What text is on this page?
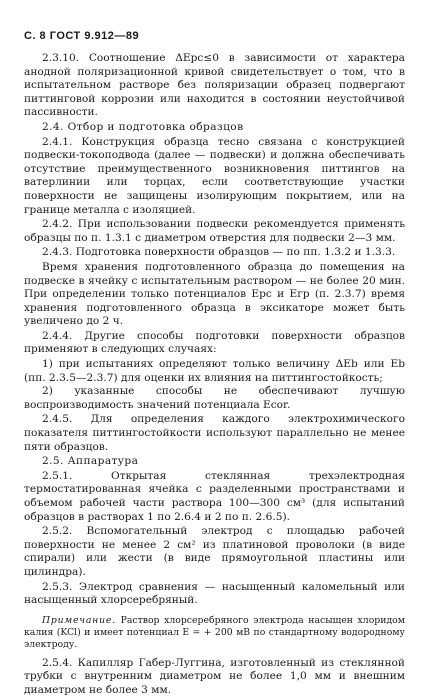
С. 8 ГОСТ 9.912—89

2.3.10. Соотношение ΔEpc≤0 в зависимости от характера анодной поляризационной кривой свидетельствует о том, что в испытательном растворе без поляризации образец подвергают питтинговой коррозии или находится в состоянии неустойчивой пассивности.

2.4. Отбор и подготовка образцов

2.4.1. Конструкция образца тесно связана с конструкцией подвески-токоподвода (далее — подвески) и должна обеспечивать отсутствие преимущественного возникновения питтингов на ватерлинии или торцах, если соответствующие участки поверхности не защищены изолирующим покрытием, или на границе металла с изоляцией.

2.4.2. При использовании подвески рекомендуется применять образцы по п. 1.3.1 с диаметром отверстия для подвески 2—3 мм.

2.4.3. Подготовка поверхности образцов — по пп. 1.3.2 и 1.3.3.

Время хранения подготовленного образца до помещения на подвеске в ячейку с испытательным раствором — не более 20 мин. При определении только потенциалов Epc и Eгр (п. 2.3.7) время хранения подготовленного образца в эксикаторе может быть увеличено до 2 ч.

2.4.4. Другие способы подготовки поверхности образцов применяют в следующих случаях:

1) при испытаниях определяют только величину ΔEb или Eb (пп. 2.3.5—2.3.7) для оценки их влияния на питтингостойкость;

2) указанные способы не обеспечивают лучшую воспроизводимость значений потенциала Eсor.

2.4.5. Для определения каждого электрохимического показателя питтингостойкости используют параллельно не менее пяти образцов.

2.5. Аппаратура

2.5.1. Открытая стеклянная трехэлектродная термостатированная ячейка с разделенными пространствами и объемом рабочей части раствора 100—300 см³ (для испытаний образцов в растворах 1 по 2.6.4 и 2 по п. 2.6.5).

2.5.2. Вспомогательный электрод с площадью рабочей поверхности не менее 2 см² из платиновой проволоки (в виде спирали) или жести (в виде прямоугольной пластины или цилиндра).

2.5.3. Электрод сравнения — насыщенный каломельный или насыщенный хлорсеребряный.

Примечание. Раствор хлорсеребряного электрода насыщен хлоридом калия (KCl) и имеет потенциал E = + 200 мВ по стандартному водородному электроду.

2.5.4. Капилляр Габер-Луггина, изготовленный из стеклянной трубки с внутренним диаметром не более 1,0 мм и внешним диаметром не более 3 мм.
